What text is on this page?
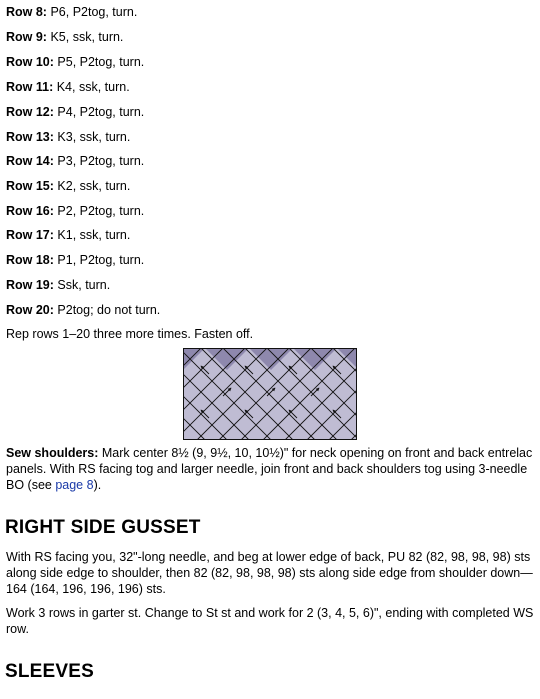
Row 8: P6, P2tog, turn.
Row 9: K5, ssk, turn.
Row 10: P5, P2tog, turn.
Row 11: K4, ssk, turn.
Row 12: P4, P2tog, turn.
Row 13: K3, ssk, turn.
Row 14: P3, P2tog, turn.
Row 15: K2, ssk, turn.
Row 16: P2, P2tog, turn.
Row 17: K1, ssk, turn.
Row 18: P1, P2tog, turn.
Row 19: Ssk, turn.
Row 20: P2tog; do not turn.
Rep rows 1–20 three more times. Fasten off.
Sew shoulders: Mark center 8½ (9, 9½, 10, 10½)" for neck opening on front and back entrelac panels. With RS facing tog and larger needle, join front and back shoulders tog using 3-needle BO (see page 8).
RIGHT SIDE GUSSET
With RS facing you, 32"-long needle, and beg at lower edge of back, PU 82 (82, 98, 98, 98) sts along side edge to shoulder, then 82 (82, 98, 98, 98) sts along side edge from shoulder down—164 (164, 196, 196, 196) sts.
Work 3 rows in garter st. Change to St st and work for 2 (3, 4, 5, 6)", ending with completed WS row.
SLEEVES
